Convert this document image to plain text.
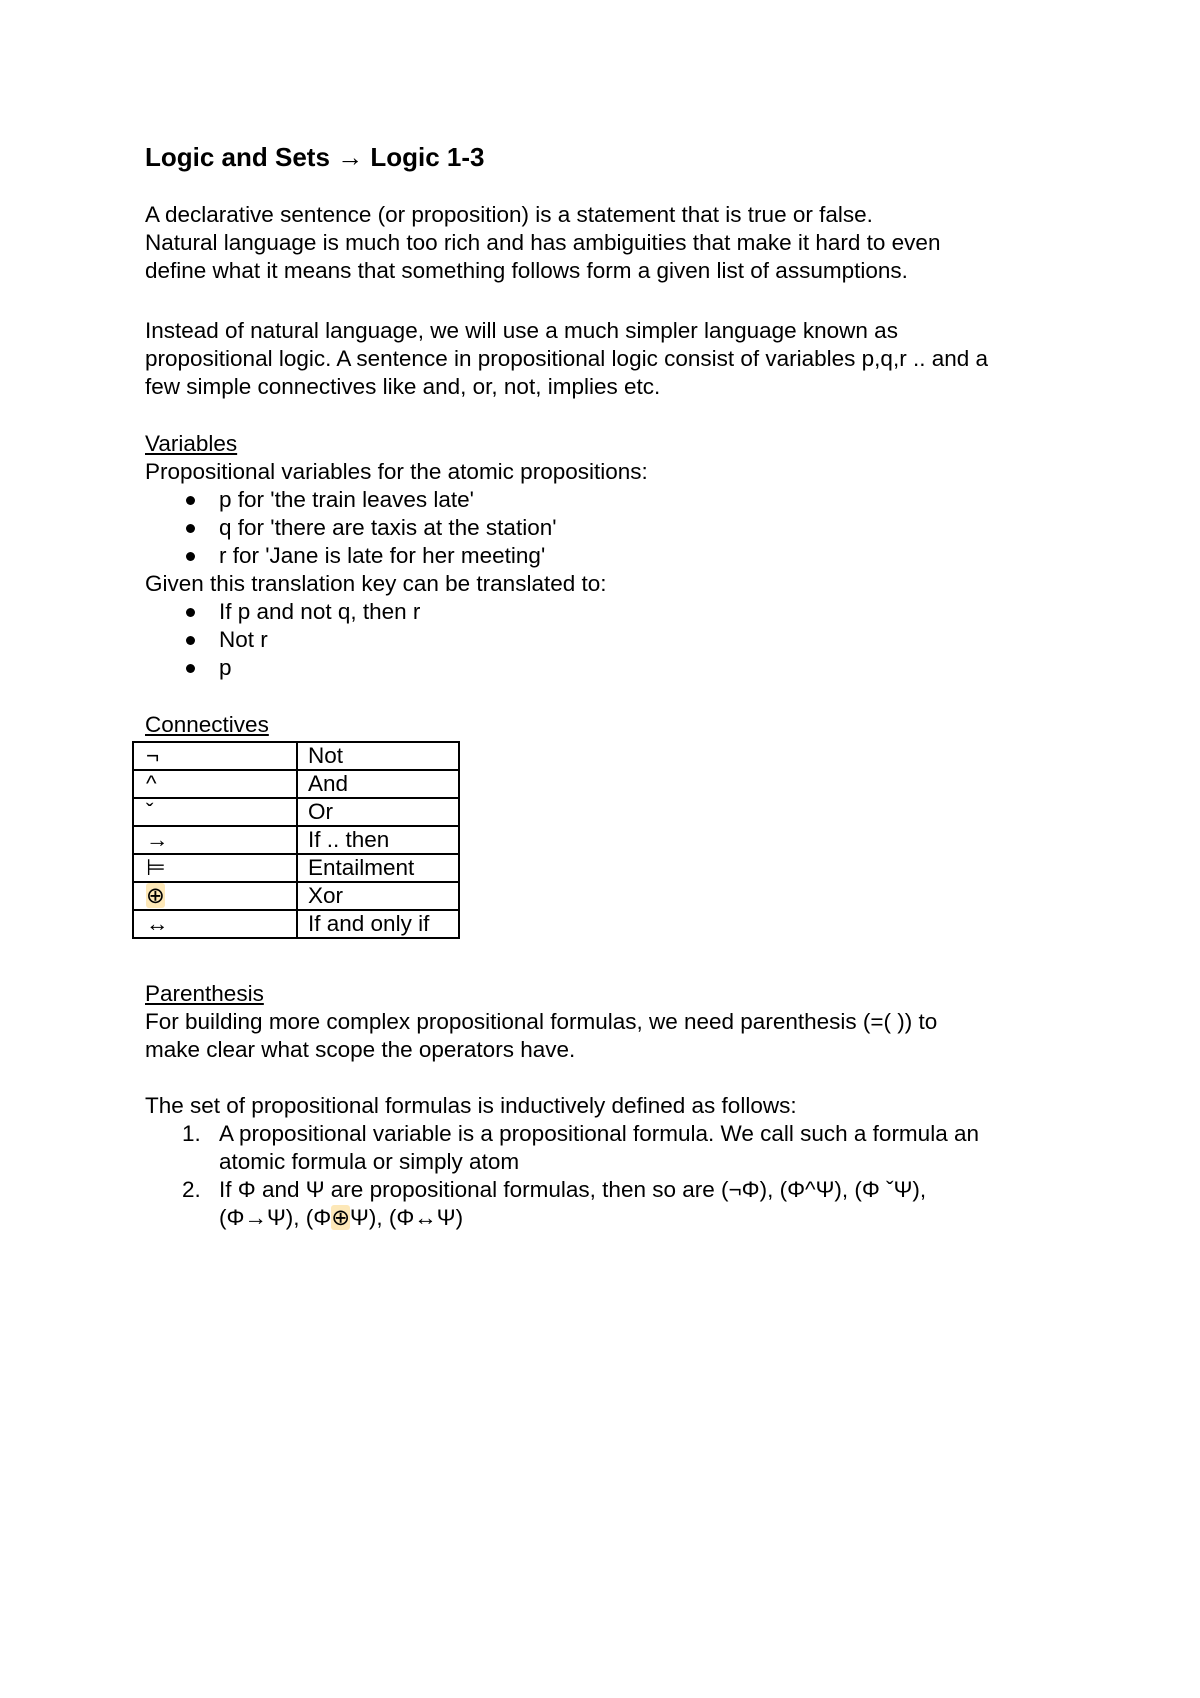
Logic and Sets → Logic 1-3

A declarative sentence (or proposition) is a statement that is true or false.
Natural language is much too rich and has ambiguities that make it hard to even
define what it means that something follows form a given list of assumptions.

Instead of natural language, we will use a much simpler language known as
propositional logic. A sentence in propositional logic consist of variables p,q,r .. and a
few simple connectives like and, or, not, implies etc.

Variables
Propositional variables for the atomic propositions:
p for 'the train leaves late'
q for 'there are taxis at the station'
r for 'Jane is late for her meeting'
Given this translation key can be translated to:
If p and not q, then r
Not r
p
Connectives
¬	Not
^	And
ˇ	Or
→	If .. then
⊨	Entailment
⊕	Xor
↔	If and only if
Parenthesis
For building more complex propositional formulas, we need parenthesis (=( )) to
make clear what scope the operators have.
The set of propositional formulas is inductively defined as follows:
1. A propositional variable is a propositional formula. We call such a formula an
atomic formula or simply atom
2. If Φ and Ψ are propositional formulas, then so are (¬Φ), (Φ^Ψ), (Φ ˇΨ),
(Φ→Ψ), (Φ⊕Ψ), (Φ↔Ψ)
